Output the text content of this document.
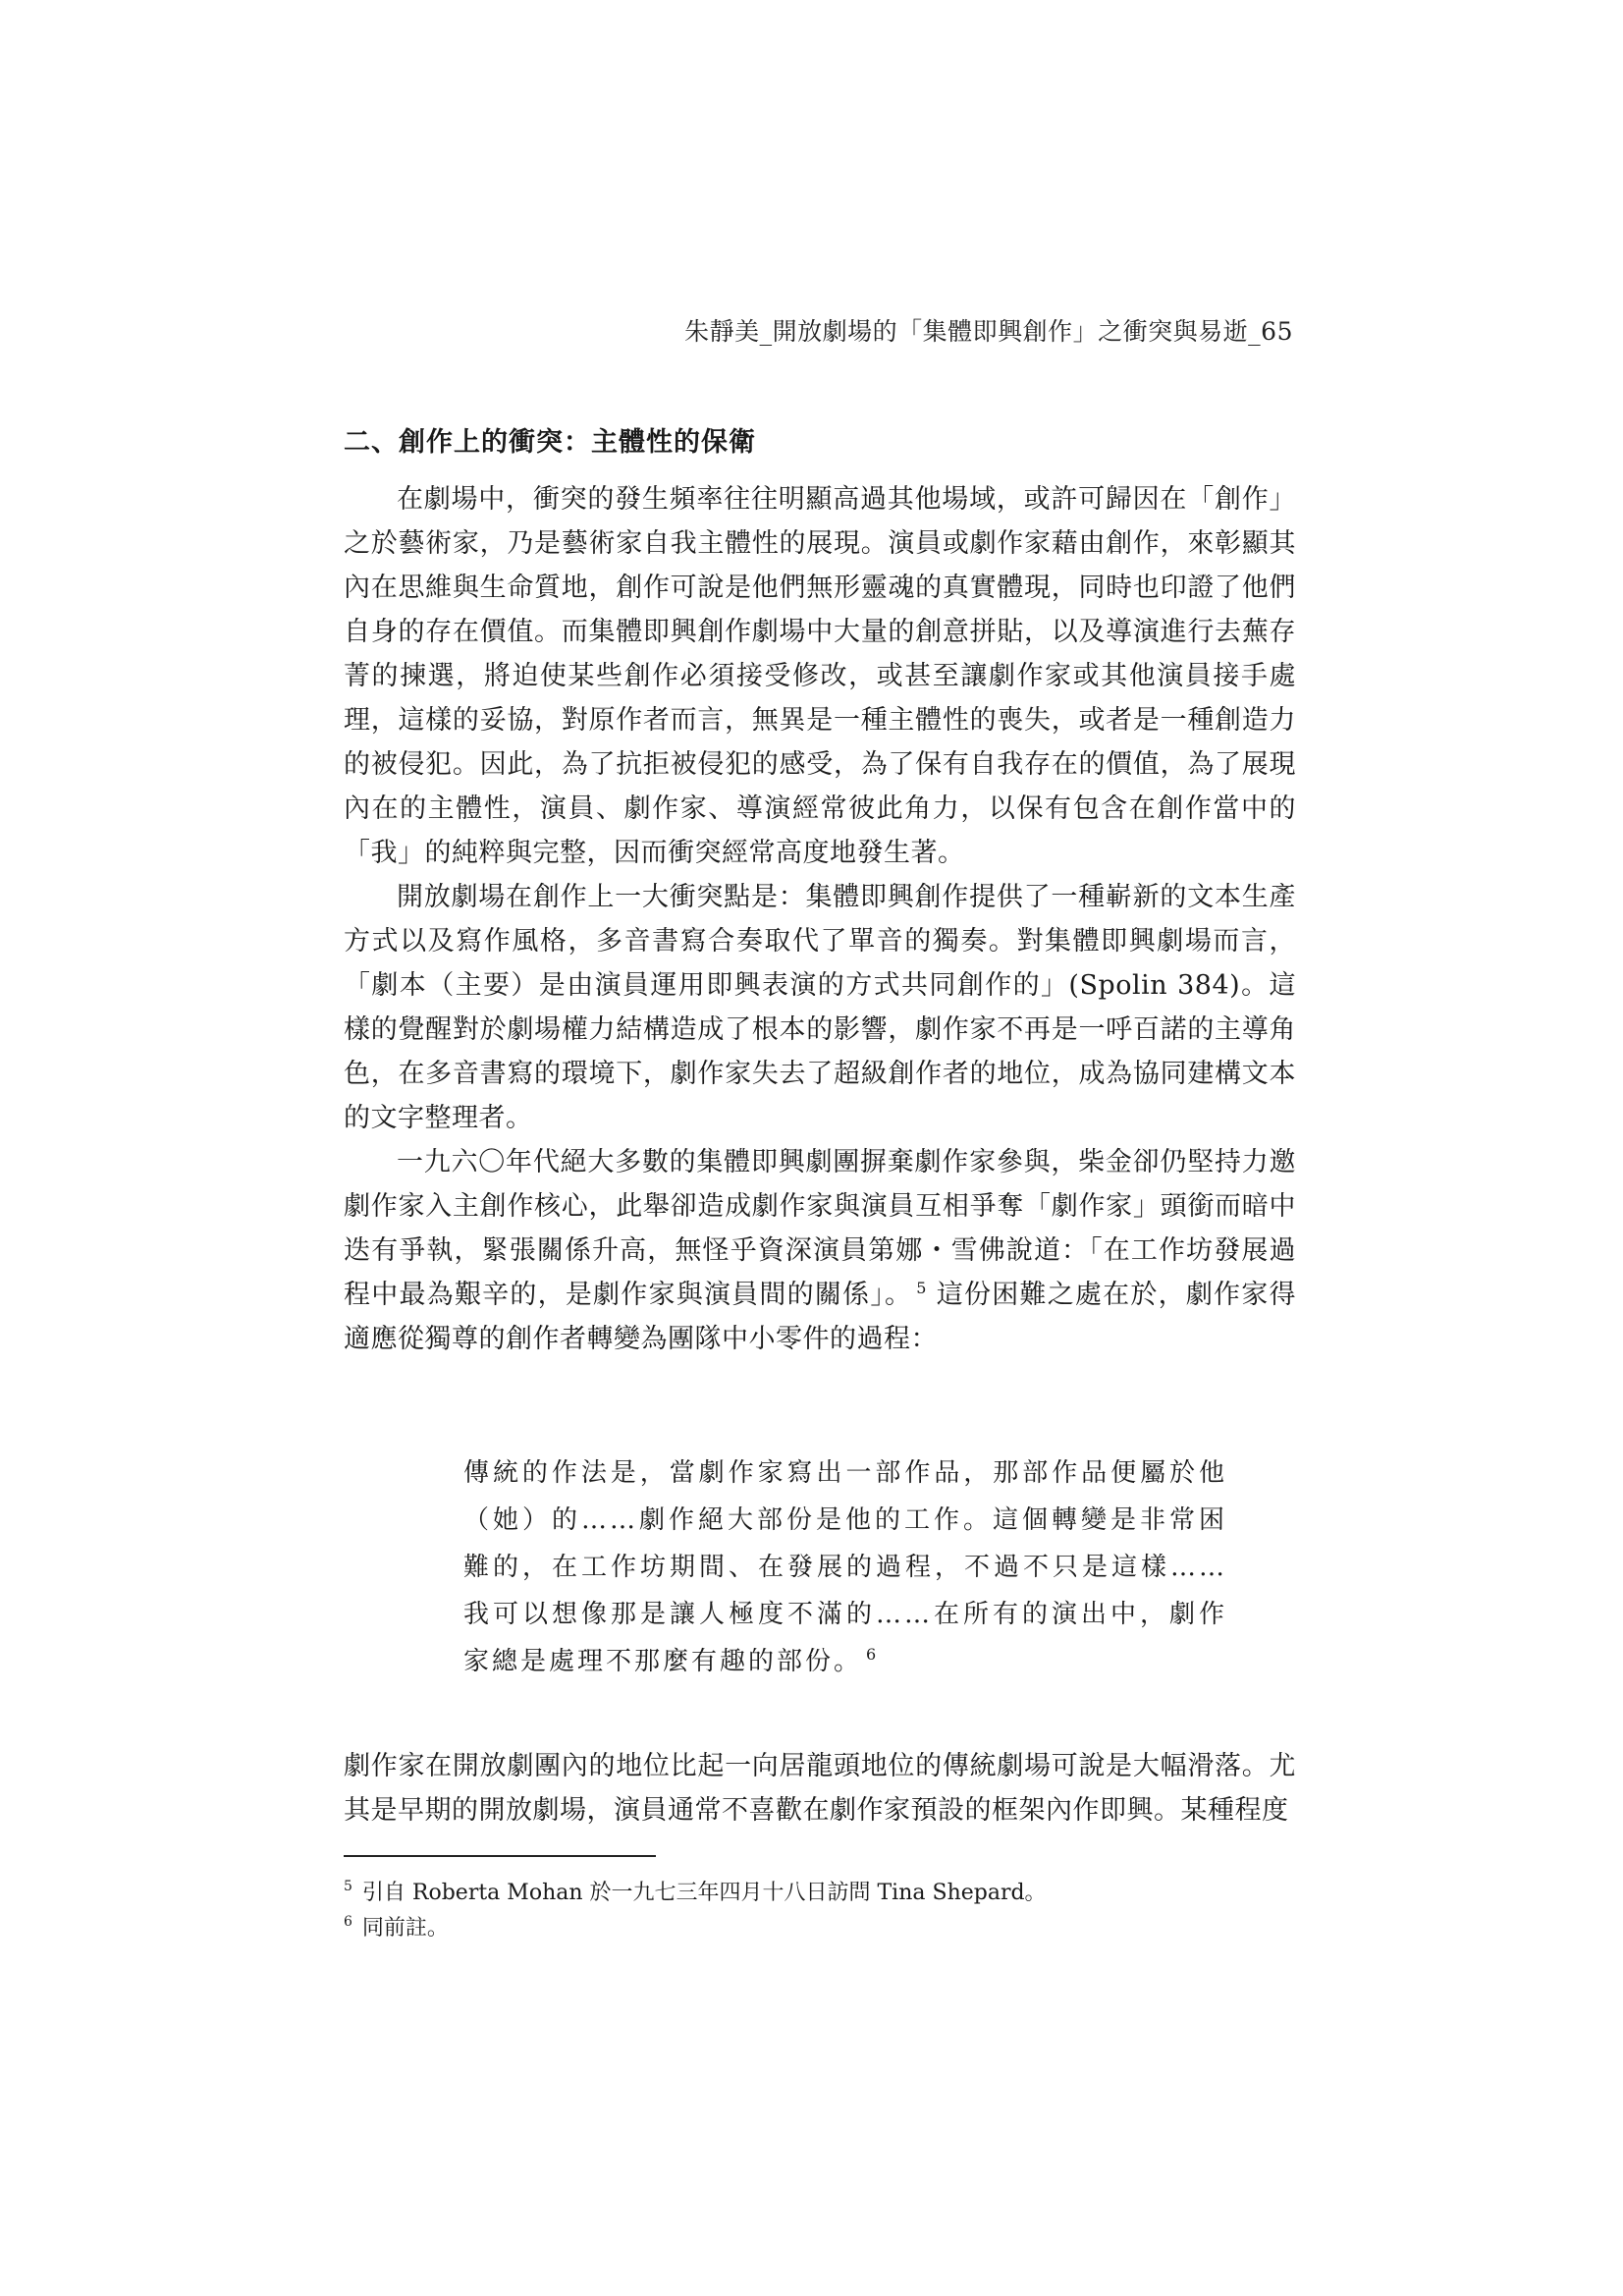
朱靜美_開放劇場的「集體即興創作」之衝突與易逝_65
二、創作上的衝突：主體性的保衛

在劇場中，衝突的發生頻率往往明顯高過其他場域，或許可歸因在「創作」之於藝術家，乃是藝術家自我主體性的展現。演員或劇作家藉由創作，來彰顯其內在思維與生命質地，創作可說是他們無形靈魂的真實體現，同時也印證了他們自身的存在價值。而集體即興創作劇場中大量的創意拼貼，以及導演進行去蕪存菁的揀選，將迫使某些創作必須接受修改，或甚至讓劇作家或其他演員接手處理，這樣的妥協，對原作者而言，無異是一種主體性的喪失，或者是一種創造力的被侵犯。因此，為了抗拒被侵犯的感受，為了保有自我存在的價值，為了展現內在的主體性，演員、劇作家、導演經常彼此角力，以保有包含在創作當中的「我」的純粹與完整，因而衝突經常高度地發生著。

開放劇場在創作上一大衝突點是：集體即興創作提供了一種嶄新的文本生產方式以及寫作風格，多音書寫合奏取代了單音的獨奏。對集體即興劇場而言，「劇本（主要）是由演員運用即興表演的方式共同創作的」(Spolin 384)。這樣的覺醒對於劇場權力結構造成了根本的影響，劇作家不再是一呼百諾的主導角色，在多音書寫的環境下，劇作家失去了超級創作者的地位，成為協同建構文本的文字整理者。

一九六〇年代絕大多數的集體即興劇團摒棄劇作家參與，柴金卻仍堅持力邀劇作家入主創作核心，此舉卻造成劇作家與演員互相爭奪「劇作家」頭銜而暗中迭有爭執，緊張關係升高，無怪乎資深演員第娜・雪佛說道：「在工作坊發展過程中最為艱辛的，是劇作家與演員間的關係」。 $^5$ 這份困難之處在於，劇作家得適應從獨尊的創作者轉變為團隊中小零件的過程：

傳統的作法是，當劇作家寫出一部作品，那部作品便屬於他（她）的……劇作絕大部份是他的工作。這個轉變是非常困難的，在工作坊期間、在發展的過程，不過不只是這樣……我可以想像那是讓人極度不滿的……在所有的演出中，劇作家總是處理不那麼有趣的部份。 $^6$

劇作家在開放劇團內的地位比起一向居龍頭地位的傳統劇場可說是大幅滑落。尤其是早期的開放劇場，演員通常不喜歡在劇作家預設的框架內作即興。某種程度

$^5$ 引自 Roberta Mohan 於一九七三年四月十八日訪問 Tina Shepard。
$^6$ 同前註。
